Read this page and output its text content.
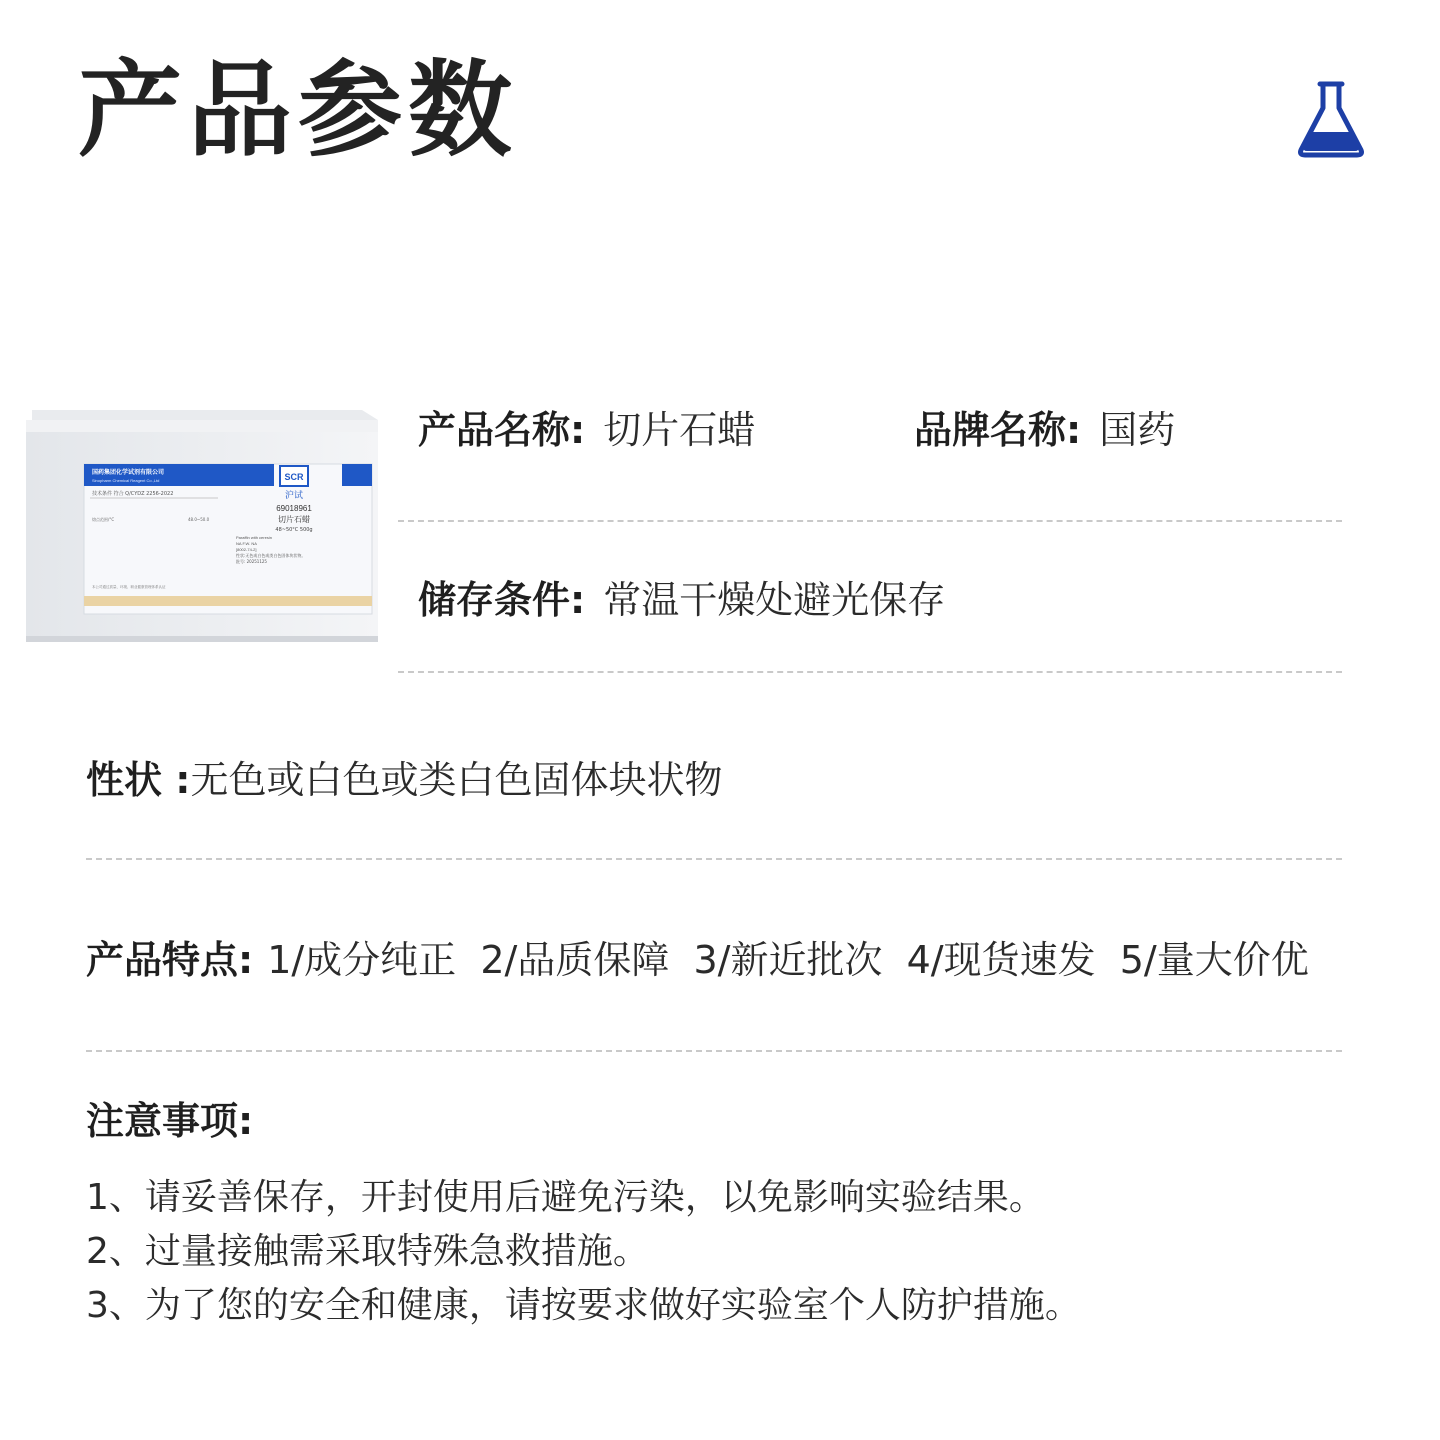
产品参数
SCR
国药集团化学试剂有限公司
Sinopharm Chemical Reagent Co.,Ltd
技术条件 符合 Q/CYDZ 2256-2022	沪试
69018961
切片石蜡
48~50°C 500g
熔点范围/°C	48.0~50.0
Paraffin with ceresin
NA F.W. NA
[8002-74-2]
性状:无色或白色或类白色固体块状物。
批号: 20251125
本公司通过质量、环境、职业健康管理体系认证
产品名称: 切片石蜡	品牌名称: 国药
储存条件: 常温干燥处避光保存
性状 :无色或白色或类白色固体块状物
产品特点: 1/成分纯正  2/品质保障  3/新近批次  4/现货速发  5/量大价优
注意事项:
1、请妥善保存，开封使用后避免污染，以免影响实验结果。
2、过量接触需采取特殊急救措施。
3、为了您的安全和健康，请按要求做好实验室个人防护措施。
